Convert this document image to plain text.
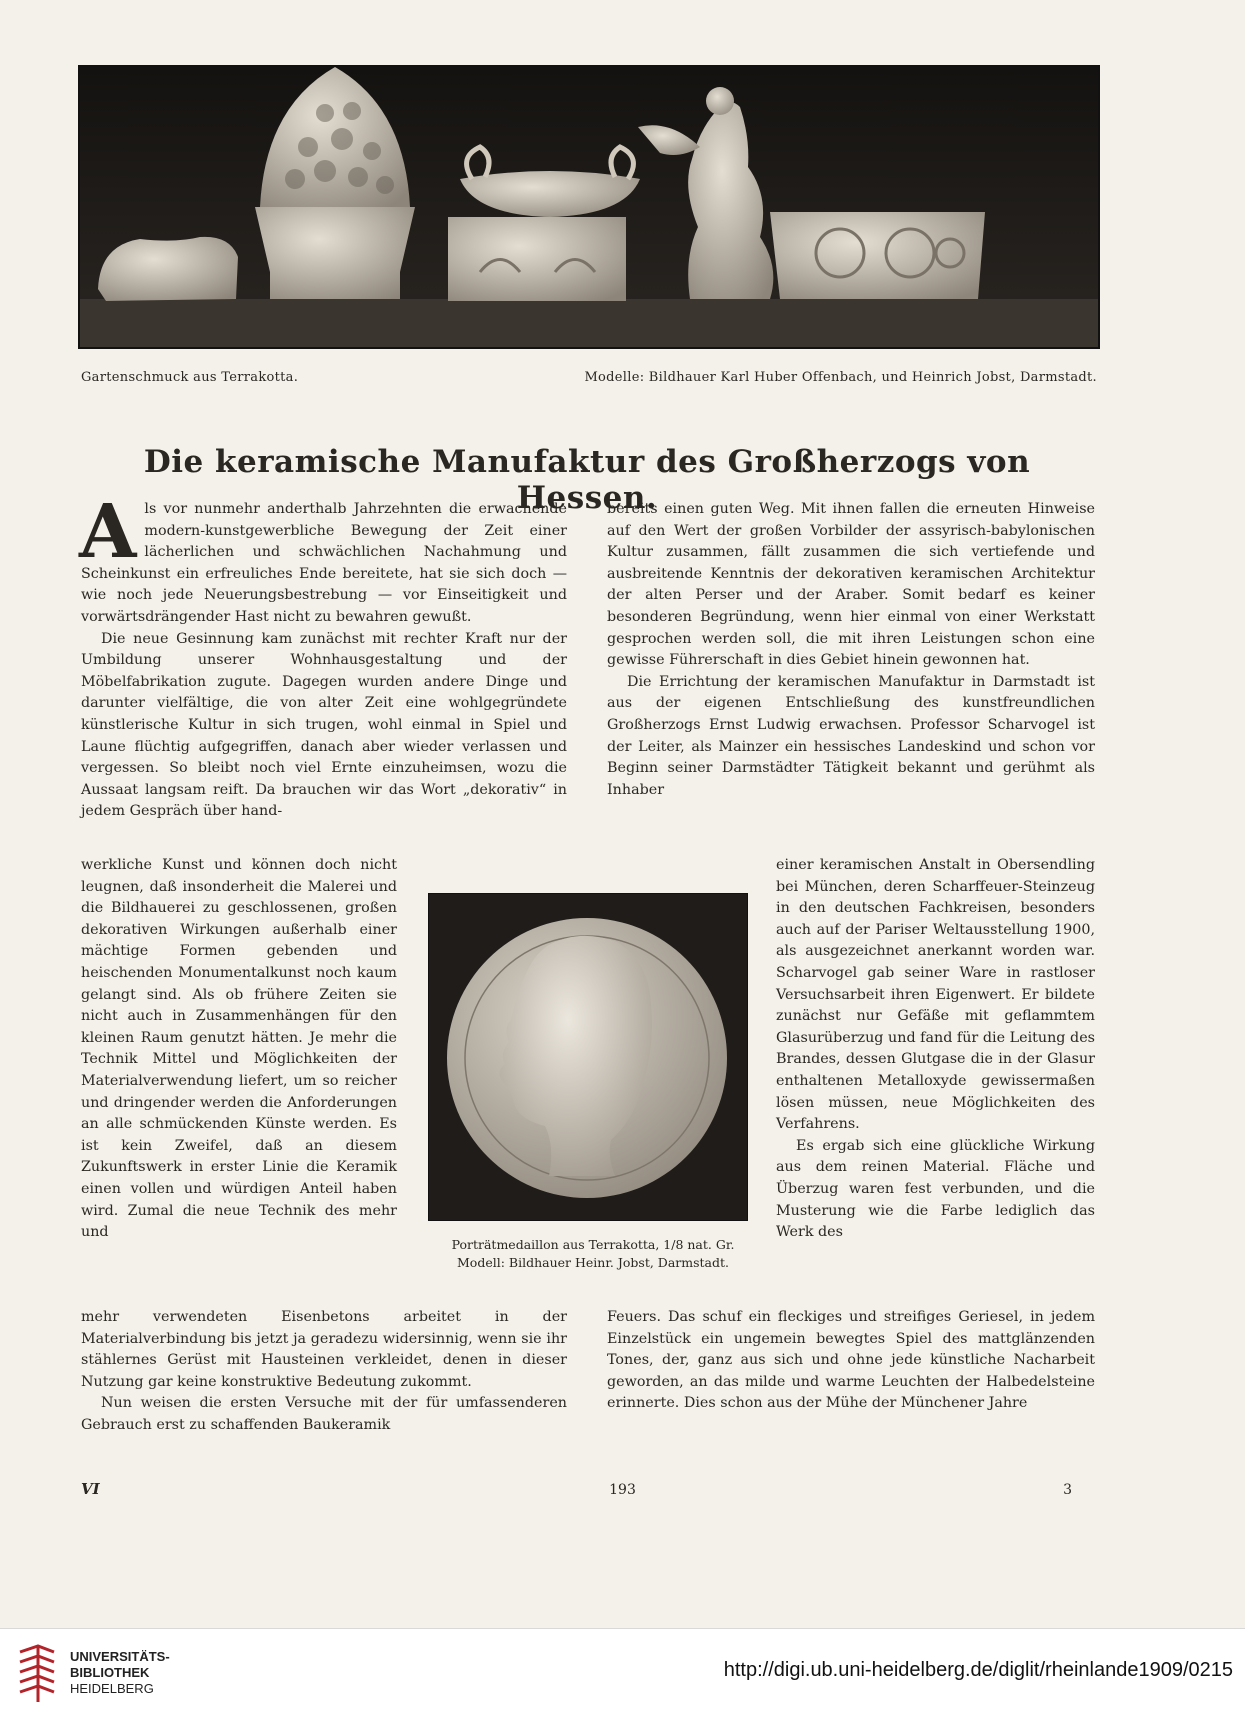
Gartenschmuck aus Terrakotta.	Modelle: Bildhauer Karl Huber Offenbach, und Heinrich Jobst, Darmstadt.
Die keramische Manufaktur des Großherzogs von Hessen.

Als vor nunmehr anderthalb Jahrzehnten die erwachende modern-kunstgewerbliche Bewegung der Zeit einer lächerlichen und schwächlichen Nachahmung und Scheinkunst ein erfreuliches Ende bereitete, hat sie sich doch — wie noch jede Neuerungsbestrebung — vor Einseitigkeit und vorwärtsdrängender Hast nicht zu bewahren gewußt.

Die neue Gesinnung kam zunächst mit rechter Kraft nur der Umbildung unserer Wohnhausgestaltung und der Möbelfabrikation zugute. Dagegen wurden andere Dinge und darunter vielfältige, die von alter Zeit eine wohlgegründete künstlerische Kultur in sich trugen, wohl einmal in Spiel und Laune flüchtig aufgegriffen, danach aber wieder verlassen und vergessen. So bleibt noch viel Ernte einzuheimsen, wozu die Aussaat langsam reift. Da brauchen wir das Wort „dekorativ“ in jedem Gespräch über hand-

werkliche Kunst und können doch nicht leugnen, daß insonderheit die Malerei und die Bildhauerei zu geschlossenen, großen dekorativen Wirkungen außerhalb einer mächtige Formen gebenden und heischenden Monumentalkunst noch kaum gelangt sind. Als ob frühere Zeiten sie nicht auch in Zusammenhängen für den kleinen Raum genutzt hätten. Je mehr die Technik Mittel und Möglichkeiten der Materialverwendung liefert, um so reicher und dringender werden die Anforderungen an alle schmückenden Künste werden. Es ist kein Zweifel, daß an diesem Zukunftswerk in erster Linie die Keramik einen vollen und würdigen Anteil haben wird. Zumal die neue Technik des mehr und

mehr verwendeten Eisenbetons arbeitet in der Materialverbindung bis jetzt ja geradezu widersinnig, wenn sie ihr stählernes Gerüst mit Hausteinen verkleidet, denen in dieser Nutzung gar keine konstruktive Bedeutung zukommt.

Nun weisen die ersten Versuche mit der für umfassenderen Gebrauch erst zu schaffenden Baukeramik

bereits einen guten Weg. Mit ihnen fallen die erneuten Hinweise auf den Wert der großen Vorbilder der assyrisch-babylonischen Kultur zusammen, fällt zusammen die sich vertiefende und ausbreitende Kenntnis der dekorativen keramischen Architektur der alten Perser und der Araber. Somit bedarf es keiner besonderen Begründung, wenn hier einmal von einer Werkstatt gesprochen werden soll, die mit ihren Leistungen schon eine gewisse Führerschaft in dies Gebiet hinein gewonnen hat.

Die Errichtung der keramischen Manufaktur in Darmstadt ist aus der eigenen Entschließung des kunstfreundlichen Großherzogs Ernst Ludwig erwachsen. Professor Scharvogel ist der Leiter, als Mainzer ein hessisches Landeskind und schon vor Beginn seiner Darmstädter Tätigkeit bekannt und gerühmt als Inhaber

einer keramischen Anstalt in Obersendling bei München, deren Scharffeuer-Steinzeug in den deutschen Fachkreisen, besonders auch auf der Pariser Weltausstellung 1900, als ausgezeichnet anerkannt worden war. Scharvogel gab seiner Ware in rastloser Versuchsarbeit ihren Eigenwert. Er bildete zunächst nur Gefäße mit geflammtem Glasurüberzug und fand für die Leitung des Brandes, dessen Glutgase die in der Glasur enthaltenen Metalloxyde gewissermaßen lösen müssen, neue Möglichkeiten des Verfahrens.

Es ergab sich eine glückliche Wirkung aus dem reinen Material. Fläche und Überzug waren fest verbunden, und die Musterung wie die Farbe lediglich das Werk des

Feuers. Das schuf ein fleckiges und streifiges Geriesel, in jedem Einzelstück ein ungemein bewegtes Spiel des mattglänzenden Tones, der, ganz aus sich und ohne jede künstliche Nacharbeit geworden, an das milde und warme Leuchten der Halbedelsteine erinnerte. Dies schon aus der Mühe der Münchener Jahre

Porträtmedaillon aus Terrakotta, 1/8 nat. Gr.
Modell: Bildhauer Heinr. Jobst, Darmstadt.
VI	193	3
UNIVERSITÄTS-
BIBLIOTHEK
HEIDELBERG
http://digi.ub.uni-heidelberg.de/diglit/rheinlande1909/0215
